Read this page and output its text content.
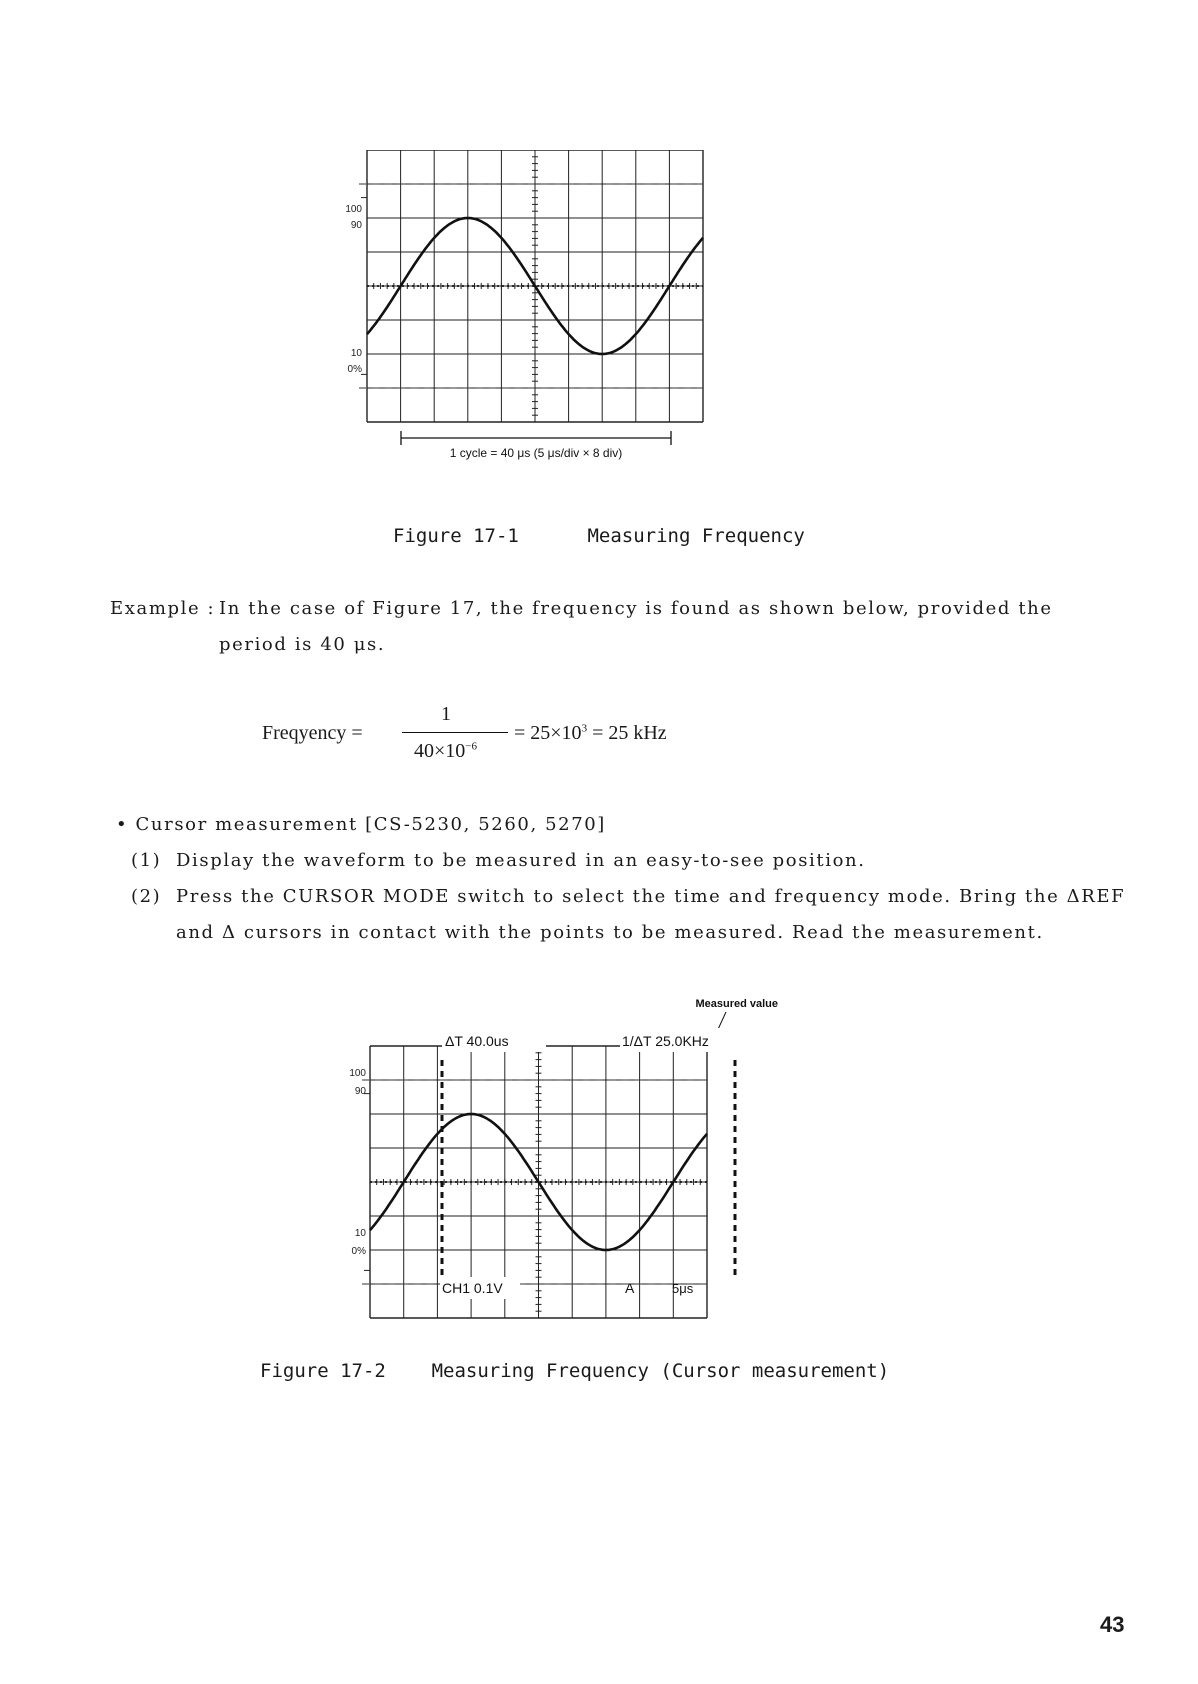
100
90
10
0%
1 cycle = 40 μs (5 μs/div × 8 div)
Figure 17-1	Measuring Frequency
Example : In the case of Figure 17, the frequency is found as shown below, provided the
period is 40 μs.
Freqyency =
1
$40\times 10^{-6}$
= $25\times 10^3 = 25$ kHz
• Cursor measurement [CS-5230, 5260, 5270]
(1) Display the waveform to be measured in an easy-to-see position.
(2) Press the CURSOR MODE switch to select the time and frequency mode. Bring the ΔREF
and Δ cursors in contact with the points to be measured. Read the measurement.
Measured value
ΔT 40.0us	1/ΔT 25.0KHz
CH1 0.1V	A	5μs
100
90
10
0%
Figure 17-2 Measuring Frequency (Cursor measurement)
43
